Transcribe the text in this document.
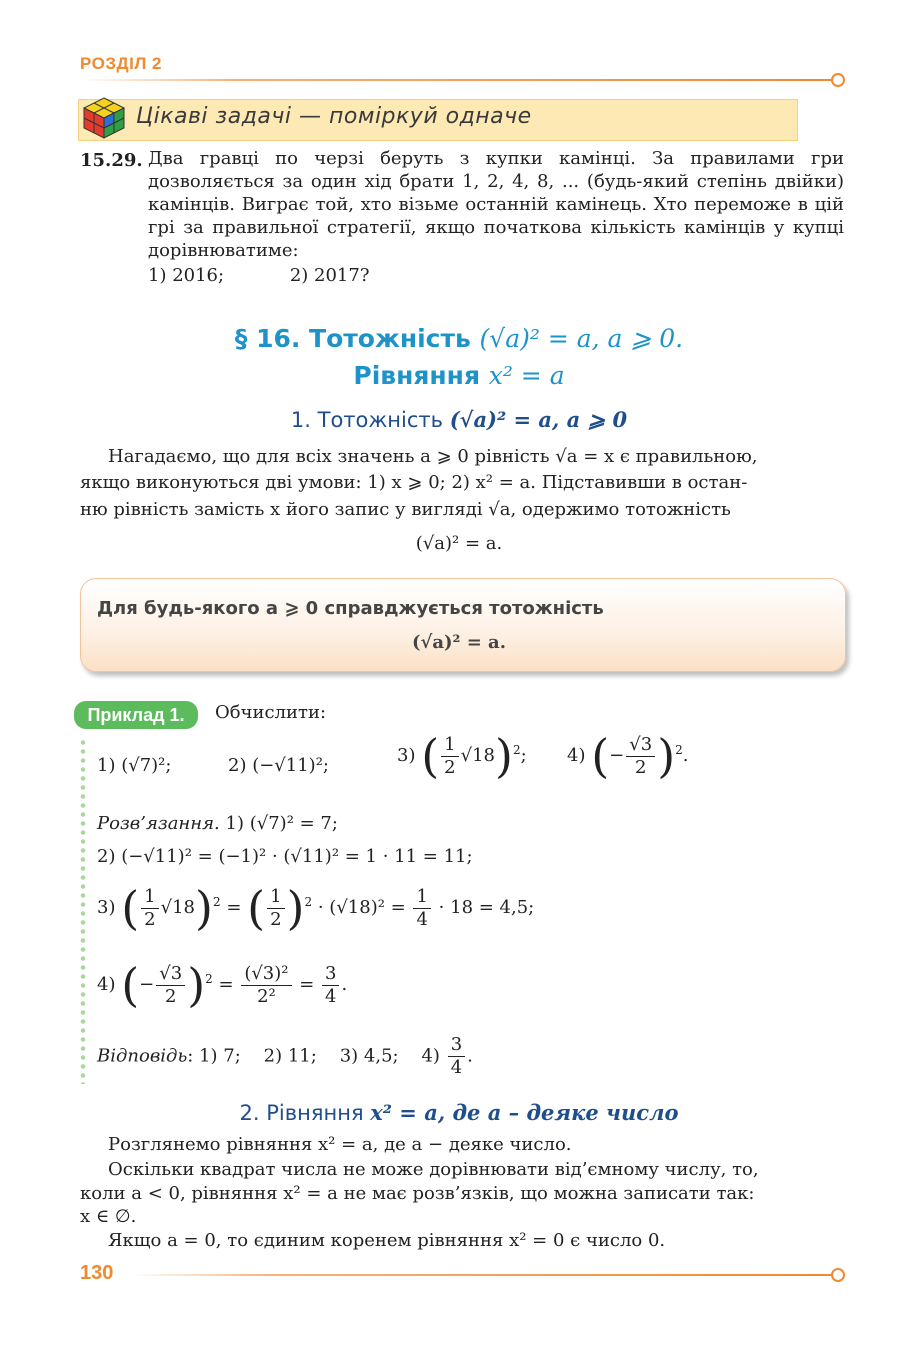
РОЗДІЛ 2
Цікаві задачі — поміркуй одначе
15.29. Два гравці по черзі беруть з купки камінці. За правилами гри дозволяється за один хід брати 1, 2, 4, 8, ... (будь-який степінь двійки) камінців. Виграє той, хто візьме останній камінець. Хто переможе в цій грі за правильної стратегії, якщо початкова кількість камінців у купці дорівнюватиме:
1) 2016;	2) 2017?
§ 16. Тотожність (√a)² = a, a ⩾ 0.
Рівняння x² = a
1. Тотожність (√a)² = a, a ⩾ 0
Нагадаємо, що для всіх значень a ⩾ 0 рівність √a = x є правильною,
якщо виконуються дві умови: 1) x ⩾ 0; 2) x² = a. Підставивши в остан-
ню рівність замість x його запис у вигляді √a, одержимо тотожність
(√a)² = a.
Для будь-якого a ⩾ 0 справджується тотожність
(√a)² = a.
Приклад 1.	Обчислити:
1) (√7)²;	2) (−√11)²;	3) ( $\frac{1}{2} √18)^2$; 4) (− $\frac{√3}{2} )^2$.
Розв’язання. 1) (√7)² = 7;
2) (−√11)² = (−1)² · (√11)² = 1 · 11 = 11;
3) ( $\frac{1}{2} √18)^2$ = ( $\frac{1}{2} )^2 \cdot (√18)^2 = \frac{1}{4} \cdot 18 = 4,5$;
4) (− $\frac{√3}{2} )^2 = \frac{\text{(√3)²}}{\text{2²}} = \frac{3}{4}$ .
Відповідь: 1) 7;    2) 11;    3) 4,5;    $4) \frac{3}{4}$ .
2. Рівняння x² = a, де a – деяке число
Розглянемо рівняння x² = a, де a − деяке число.
Оскільки квадрат числа не може дорівнювати від’ємному числу, то,
коли a < 0, рівняння x² = a не має розв’язків, що можна записати так:
x ∈ ∅.
Якщо a = 0, то єдиним коренем рівняння x² = 0 є число 0.
130
